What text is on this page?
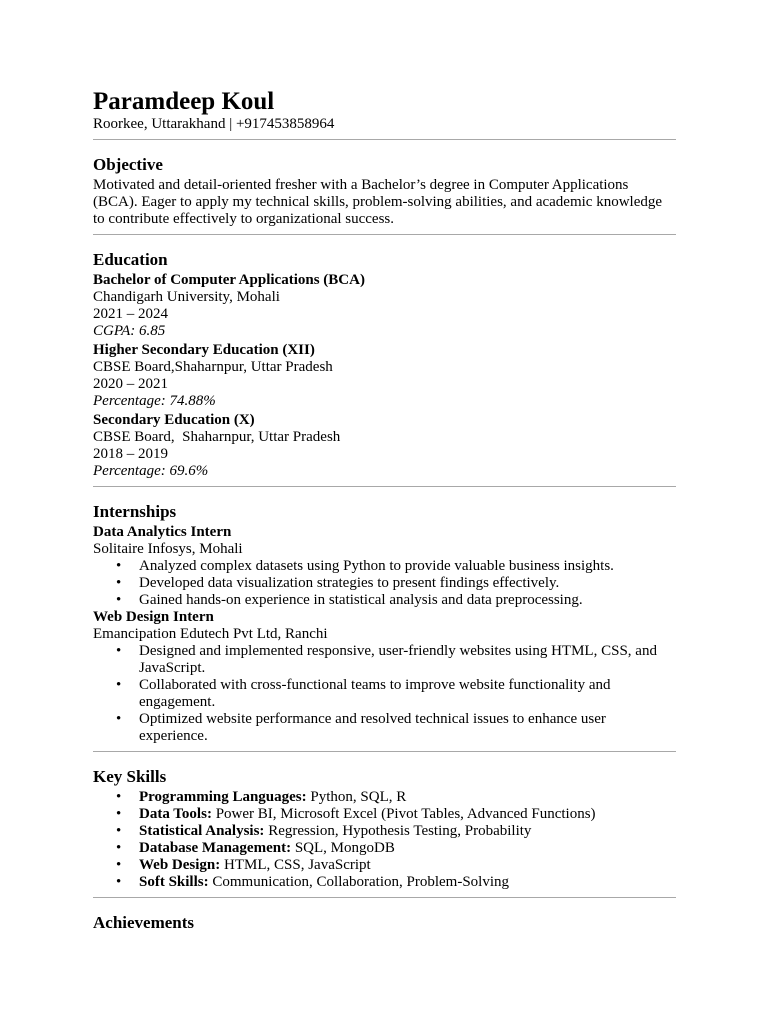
Paramdeep Koul
Roorkee, Uttarakhand | +917453858964
Objective

Motivated and detail-oriented fresher with a Bachelor’s degree in Computer Applications (BCA). Eager to apply my technical skills, problem-solving abilities, and academic knowledge to contribute effectively to organizational success.

Education
Bachelor of Computer Applications (BCA)
Chandigarh University, Mohali
2021 – 2024
CGPA: 6.85
Higher Secondary Education (XII)
CBSE Board,Shaharnpur, Uttar Pradesh
2020 – 2021
Percentage: 74.88%
Secondary Education (X)
CBSE Board,  Shaharnpur, Uttar Pradesh
2018 – 2019
Percentage: 69.6%
Internships
Data Analytics Intern
Solitaire Infosys, Mohali
• Analyzed complex datasets using Python to provide valuable business insights.
• Developed data visualization strategies to present findings effectively.
• Gained hands-on experience in statistical analysis and data preprocessing.
Web Design Intern
Emancipation Edutech Pvt Ltd, Ranchi
• Designed and implemented responsive, user-friendly websites using HTML, CSS, and JavaScript.
• Collaborated with cross-functional teams to improve website functionality and engagement.
• Optimized website performance and resolved technical issues to enhance user experience.
Key Skills
• Programming Languages: Python, SQL, R
• Data Tools: Power BI, Microsoft Excel (Pivot Tables, Advanced Functions)
• Statistical Analysis: Regression, Hypothesis Testing, Probability
• Database Management: SQL, MongoDB
• Web Design: HTML, CSS, JavaScript
• Soft Skills: Communication, Collaboration, Problem-Solving
Achievements
